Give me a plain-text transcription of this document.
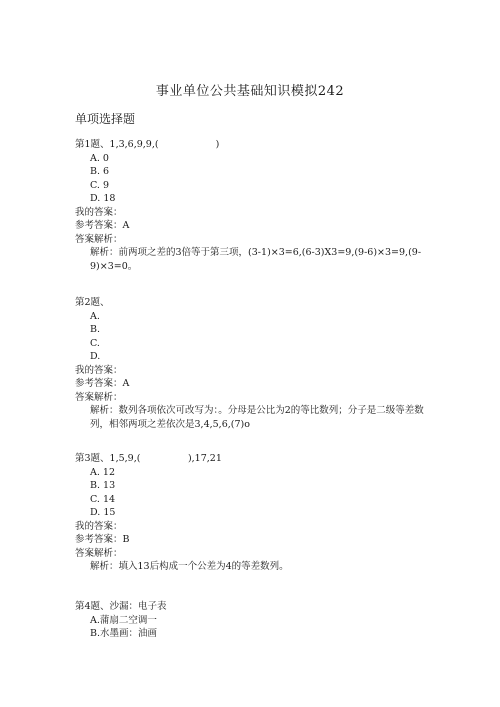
事业单位公共基础知识模拟242
单项选择题
第1题、1,3,6,9,9,(　　　　　　)
A. 0
B. 6
C. 9
D. 18
我的答案：
参考答案：A
答案解析：
解析：前两项之差的3倍等于第三项，(3-1)×3=6,(6-3)X3=9,(9-6)×3=9,(9-9)×3=0。
第2题、
A.
B.
C.
D.
我的答案：
参考答案：A
答案解析：
解析：数列各项依次可改写为：。分母是公比为2的等比数列；分子是二级等差数列，相邻两项之差依次是3,4,5,6,(7)o
第3题、1,5,9,(　　　　　),17,21
A. 12
B. 13
C. 14
D. 15
我的答案：
参考答案：B
答案解析：
解析：填入13后构成一个公差为4的等差数列。
第4题、沙漏：电子表
A.蒲扇二空调一
B.水墨画：油画
